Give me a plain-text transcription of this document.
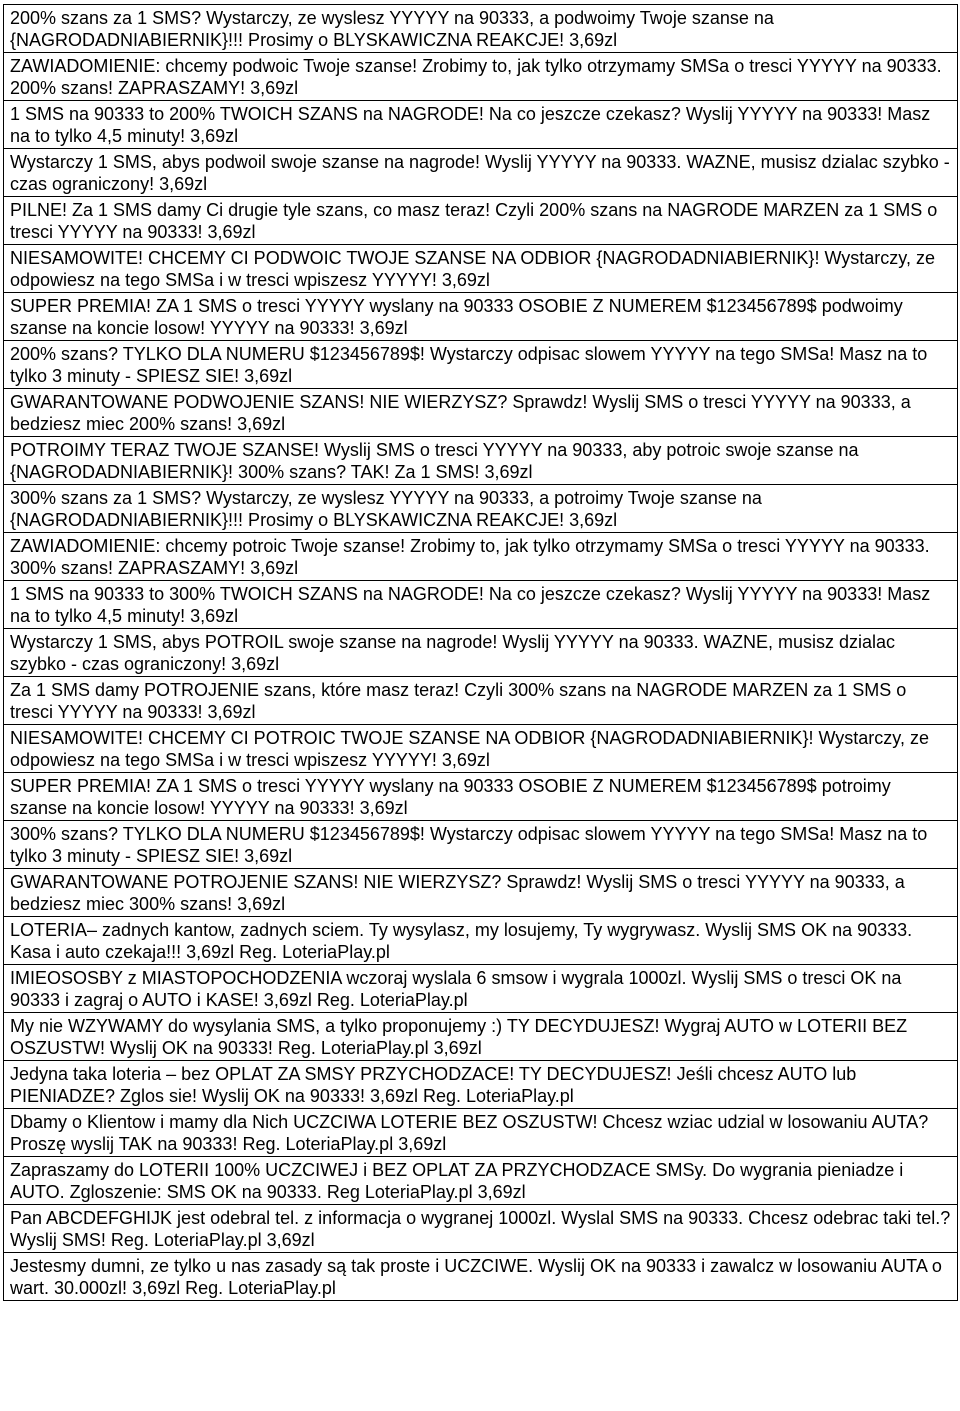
200% szans za 1 SMS? Wystarczy, ze wyslesz YYYYY na 90333, a podwoimy Twoje szanse na {NAGRODADNIABIERNIK}!!! Prosimy o BLYSKAWICZNA REAKCJE! 3,69zl
ZAWIADOMIENIE: chcemy podwoic Twoje szanse! Zrobimy to, jak tylko otrzymamy SMSa o tresci YYYYY na 90333. 200% szans! ZAPRASZAMY! 3,69zl
1 SMS na 90333 to 200% TWOICH SZANS na NAGRODE! Na co jeszcze czekasz? Wyslij YYYYY na 90333! Masz na to tylko 4,5 minuty! 3,69zl
Wystarczy 1 SMS, abys podwoil swoje szanse na nagrode! Wyslij YYYYY na 90333. WAZNE, musisz dzialac szybko - czas ograniczony! 3,69zl
PILNE! Za 1 SMS damy Ci drugie tyle szans, co masz teraz! Czyli 200% szans na NAGRODE MARZEN za 1 SMS o tresci YYYYY na 90333! 3,69zl
NIESAMOWITE! CHCEMY CI PODWOIC TWOJE SZANSE NA ODBIOR {NAGRODADNIABIERNIK}! Wystarczy, ze odpowiesz na tego SMSa i w tresci wpiszesz YYYYY! 3,69zl
SUPER PREMIA! ZA 1 SMS o tresci YYYYY wyslany na 90333 OSOBIE Z NUMEREM $123456789$ podwoimy szanse na koncie losow! YYYYY na 90333! 3,69zl
200% szans? TYLKO DLA NUMERU $123456789$! Wystarczy odpisac slowem YYYYY na tego SMSa! Masz na to tylko 3 minuty - SPIESZ SIE! 3,69zl
GWARANTOWANE PODWOJENIE SZANS! NIE WIERZYSZ? Sprawdz! Wyslij SMS o tresci YYYYY na 90333, a bedziesz miec 200% szans! 3,69zl
POTROIMY TERAZ TWOJE SZANSE! Wyslij SMS o tresci YYYYY na 90333, aby potroic swoje szanse na {NAGRODADNIABIERNIK}! 300% szans? TAK! Za 1 SMS! 3,69zl
300% szans za 1 SMS? Wystarczy, ze wyslesz YYYYY na 90333, a potroimy Twoje szanse na {NAGRODADNIABIERNIK}!!! Prosimy o BLYSKAWICZNA REAKCJE! 3,69zl
ZAWIADOMIENIE: chcemy potroic Twoje szanse! Zrobimy to, jak tylko otrzymamy SMSa o tresci YYYYY na 90333. 300% szans! ZAPRASZAMY! 3,69zl
1 SMS na 90333 to 300% TWOICH SZANS na NAGRODE! Na co jeszcze czekasz? Wyslij YYYYY na 90333! Masz na to tylko 4,5 minuty! 3,69zl
Wystarczy 1 SMS, abys POTROIL swoje szanse na nagrode! Wyslij YYYYY na 90333. WAZNE, musisz dzialac szybko - czas ograniczony! 3,69zl
Za 1 SMS damy POTROJENIE szans, które masz teraz! Czyli 300% szans na NAGRODE MARZEN za 1 SMS o tresci YYYYY na 90333! 3,69zl
NIESAMOWITE! CHCEMY CI POTROIC TWOJE SZANSE NA ODBIOR {NAGRODADNIABIERNIK}! Wystarczy, ze odpowiesz na tego SMSa i w tresci wpiszesz YYYYY! 3,69zl
SUPER PREMIA! ZA 1 SMS o tresci YYYYY wyslany na 90333 OSOBIE Z NUMEREM $123456789$ potroimy szanse na koncie losow! YYYYY na 90333! 3,69zl
300% szans? TYLKO DLA NUMERU $123456789$! Wystarczy odpisac slowem YYYYY na tego SMSa! Masz na to tylko 3 minuty - SPIESZ SIE! 3,69zl
GWARANTOWANE POTROJENIE SZANS! NIE WIERZYSZ? Sprawdz! Wyslij SMS o tresci YYYYY na 90333, a bedziesz miec 300% szans! 3,69zl
LOTERIA– zadnych kantow, zadnych sciem. Ty wysylasz, my losujemy, Ty wygrywasz. Wyslij SMS OK na 90333. Kasa i auto czekaja!!! 3,69zl Reg. LoteriaPlay.pl
IMIEOSOSBY z MIASTOPOCHODZENIA wczoraj wyslala 6 smsow i wygrala 1000zl. Wyslij SMS o tresci OK na 90333 i zagraj o AUTO i KASE! 3,69zl Reg. LoteriaPlay.pl
My nie WZYWAMY do wysylania SMS, a tylko proponujemy :) TY DECYDUJESZ! Wygraj AUTO w LOTERII BEZ OSZUSTW! Wyslij OK na 90333! Reg. LoteriaPlay.pl 3,69zl
Jedyna taka loteria – bez OPLAT ZA SMSY PRZYCHODZACE! TY DECYDUJESZ! Jeśli chcesz AUTO lub PIENIADZE? Zglos sie! Wyslij OK na 90333! 3,69zl Reg. LoteriaPlay.pl
Dbamy o Klientow i mamy dla Nich UCZCIWA LOTERIE BEZ OSZUSTW! Chcesz wziac udzial w losowaniu AUTA? Proszę wyslij TAK na 90333! Reg. LoteriaPlay.pl 3,69zl
Zapraszamy do LOTERII 100% UCZCIWEJ i BEZ OPLAT ZA PRZYCHODZACE SMSy. Do wygrania pieniadze i AUTO. Zgloszenie: SMS OK na 90333. Reg LoteriaPlay.pl 3,69zl
Pan ABCDEFGHIJK jest odebral tel. z informacja o wygranej 1000zl. Wyslal SMS na 90333. Chcesz odebrac taki tel.? Wyslij SMS! Reg. LoteriaPlay.pl 3,69zl
Jestesmy dumni, ze tylko u nas zasady są tak proste i UCZCIWE. Wyslij OK na 90333 i zawalcz w losowaniu AUTA o wart. 30.000zl! 3,69zl Reg. LoteriaPlay.pl
